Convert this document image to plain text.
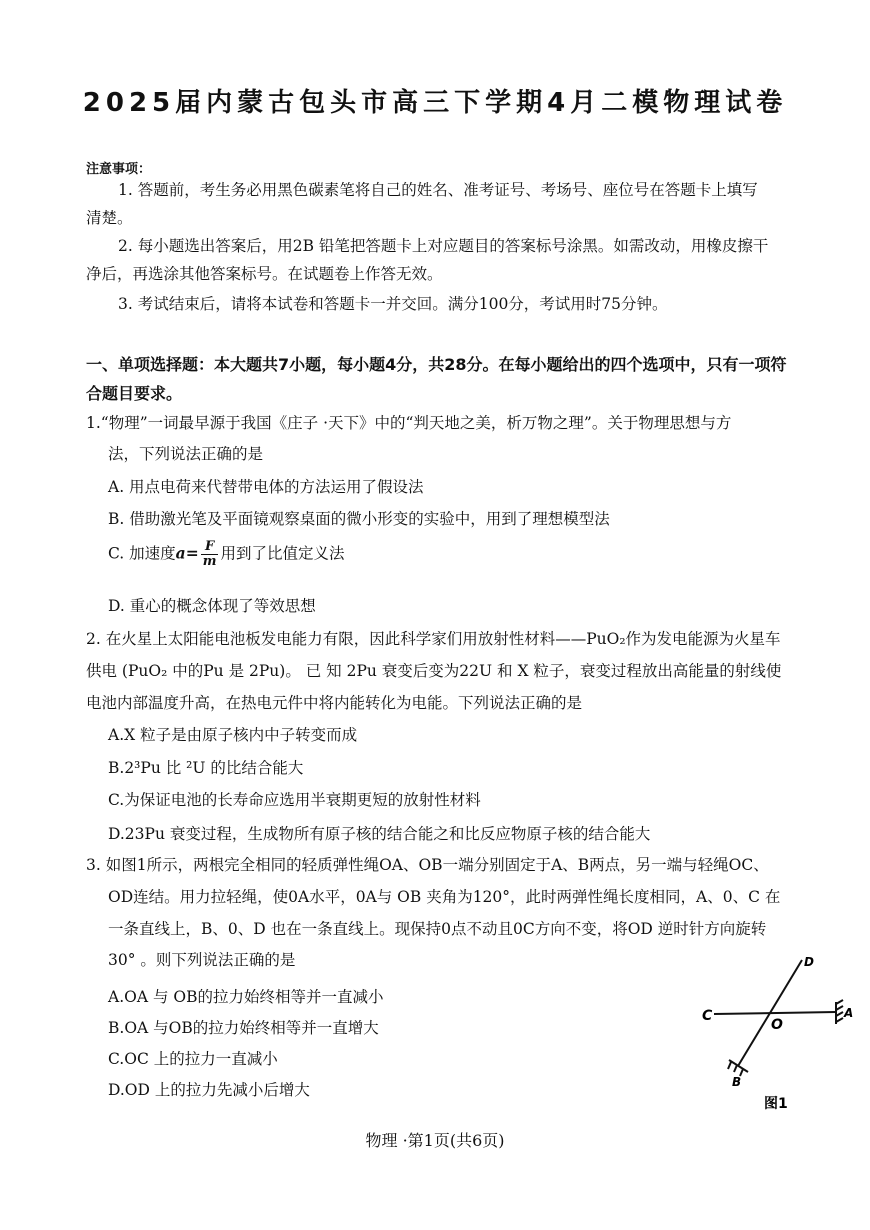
2025届内蒙古包头市高三下学期4月二模物理试卷
注意事项：
1. 答题前，考生务必用黑色碳素笔将自己的姓名、准考证号、考场号、座位号在答题卡上填写
清楚。
2. 每小题选出答案后，用2B 铅笔把答题卡上对应题目的答案标号涂黑。如需改动，用橡皮擦干
净后，再选涂其他答案标号。在试题卷上作答无效。
3. 考试结束后，请将本试卷和答题卡一并交回。满分100分，考试用时75分钟。
一、单项选择题：本大题共7小题，每小题4分，共28分。在每小题给出的四个选项中，只有一项符
合题目要求。
1.“物理”一词最早源于我国《庄子 ·天下》中的“判天地之美，析万物之理”。关于物理思想与方
法，下列说法正确的是
A. 用点电荷来代替带电体的方法运用了假设法
B. 借助激光笔及平面镜观察桌面的微小形变的实验中，用到了理想模型法
C. 加速度$a= \frac{F}{m}$ 用到了比值定义法
D. 重心的概念体现了等效思想
2. 在火星上太阳能电池板发电能力有限，因此科学家们用放射性材料——PuO₂作为发电能源为火星车
供电 (PuO₂ 中的Pu 是 2Pu)。 已 知 2Pu 衰变后变为22U 和 X 粒子，衰变过程放出高能量的射线使
电池内部温度升高，在热电元件中将内能转化为电能。下列说法正确的是
A.X 粒子是由原子核内中子转变而成
B.2³Pu 比 ²U 的比结合能大
C.为保证电池的长寿命应选用半衰期更短的放射性材料
D.23Pu 衰变过程，生成物所有原子核的结合能之和比反应物原子核的结合能大
3. 如图1所示，两根完全相同的轻质弹性绳OA、OB一端分别固定于A、B两点，另一端与轻绳OC、
OD连结。用力拉轻绳，使0A水平，0A与 OB 夹角为120°，此时两弹性绳长度相同，A、0、C 在
一条直线上，B、0、D 也在一条直线上。现保持0点不动且0C方向不变，将OD 逆时针方向旋转
30° 。则下列说法正确的是
A.OA 与 OB的拉力始终相等并一直减小
B.OA 与OB的拉力始终相等并一直增大
C.OC 上的拉力一直减小
D.OD 上的拉力先减小后增大
C
O
A
B
D
图1
物理 ·第1页(共6页)
